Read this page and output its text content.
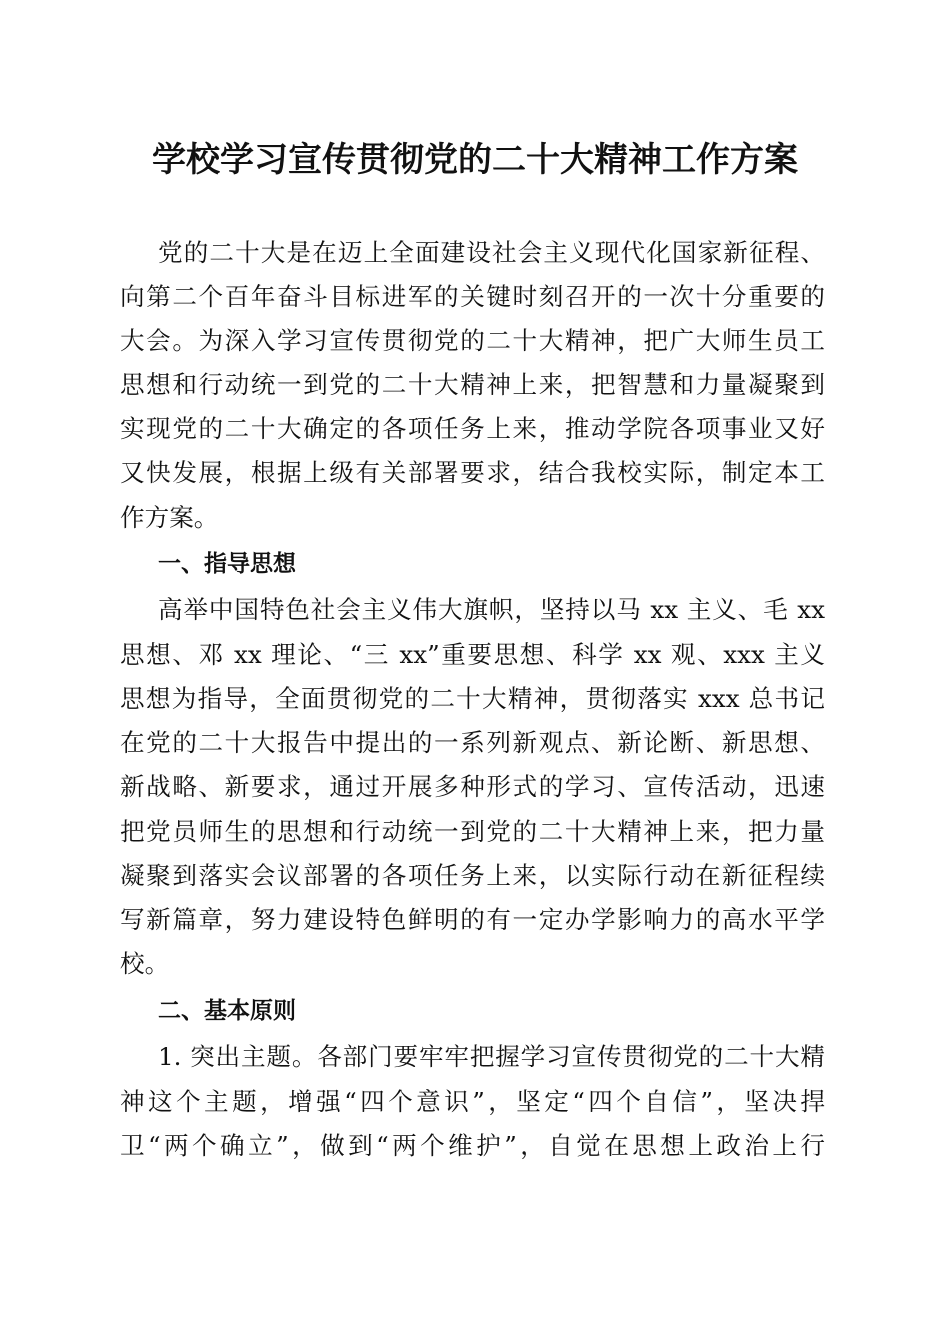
学校学习宣传贯彻党的二十大精神工作方案
党的二十大是在迈上全面建设社会主义现代化国家新征程、
向第二个百年奋斗目标进军的关键时刻召开的一次十分重要的
大会。为深入学习宣传贯彻党的二十大精神，把广大师生员工
思想和行动统一到党的二十大精神上来，把智慧和力量凝聚到
实现党的二十大确定的各项任务上来，推动学院各项事业又好
又快发展，根据上级有关部署要求，结合我校实际，制定本工
作方案。
一、指导思想
高举中国特色社会主义伟大旗帜，坚持以马 xx 主义、毛 xx
思想、邓 xx 理论、“三 xx”重要思想、科学 xx 观、xxx 主义
思想为指导，全面贯彻党的二十大精神，贯彻落实 xxx 总书记
在党的二十大报告中提出的一系列新观点、新论断、新思想、
新战略、新要求，通过开展多种形式的学习、宣传活动，迅速
把党员师生的思想和行动统一到党的二十大精神上来，把力量
凝聚到落实会议部署的各项任务上来，以实际行动在新征程续
写新篇章，努力建设特色鲜明的有一定办学影响力的高水平学
校。
二、基本原则
1. 突出主题。各部门要牢牢把握学习宣传贯彻党的二十大精
神这个主题，增强“四个意识”，坚定“四个自信”，坚决捍
卫“两个确立”，做到“两个维护”，自觉在思想上政治上行
